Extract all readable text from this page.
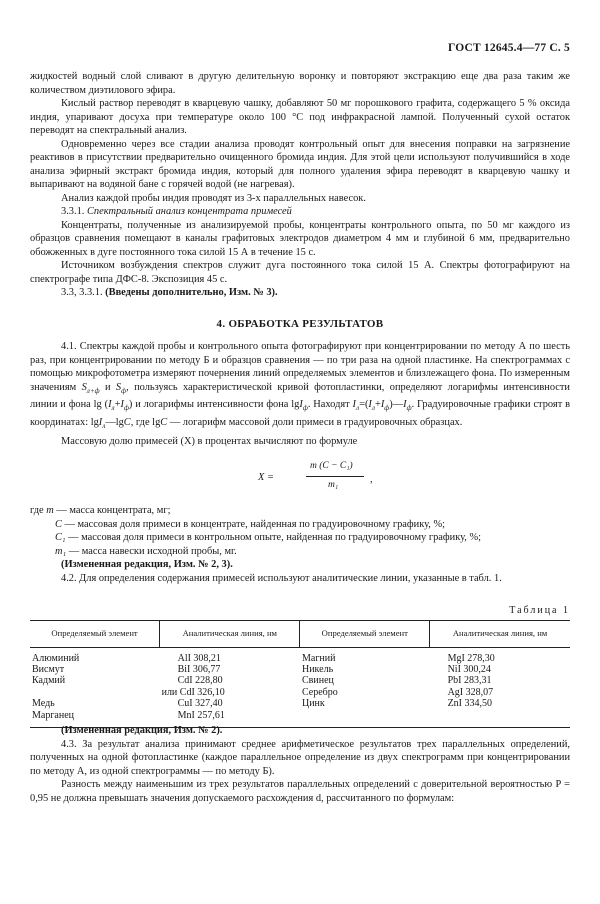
ГОСТ 12645.4—77 С. 5

жидкостей водный слой сливают в другую делительную воронку и повторяют экстракцию еще два раза таким же количеством диэтилового эфира.

Кислый раствор переводят в кварцевую чашку, добавляют 50 мг порошкового графита, содержащего 5 % оксида индия, упаривают досуха при температуре около 100 °С под инфракрасной лампой. Полученный сухой остаток переводят на спектральный анализ.

Одновременно через все стадии анализа проводят контрольный опыт для внесения поправки на загрязнение реактивов в присутствии предварительно очищенного бромида индия. Для этой цели используют получившийся в ходе анализа эфирный экстракт бромида индия, который для полного удаления эфира переводят в кварцевую чашку и выпаривают на водяной бане с горячей водой (не нагревая).

Анализ каждой пробы индия проводят из 3-х параллельных навесок.

3.3.1. Спектральный анализ концентрата примесей

Концентраты, полученные из анализируемой пробы, концентраты контрольного опыта, по 50 мг каждого из образцов сравнения помещают в каналы графитовых электродов диаметром 4 мм и глубиной 6 мм, предварительно обожженных в дуге постоянного тока силой 15 А в течение 15 с.

Источником возбуждения спектров служит дуга постоянного тока силой 15 А. Спектры фотографируют на спектрографе типа ДФС-8. Экспозиция 45 с.

3.3, 3.3.1. (Введены дополнительно, Изм. № 3).

4. ОБРАБОТКА РЕЗУЛЬТАТОВ

4.1. Спектры каждой пробы и контрольного опыта фотографируют при концентрировании по методу А по шесть раз, при концентрировании по методу Б и образцов сравнения — по три раза на одной пластинке. На спектрограммах с помощью микрофотометра измеряют почернения линий определяемых элементов и близлежащего фона. По измеренным значениям $S_{л+ф}$ и $S_ф$, пользуясь характеристической кривой фотопластинки, определяют логарифмы интенсивности линии и фона $\lg (I_л+I_ф)$ и логарифмы интенсивности фона lgI$_ф$. Находят $I_л=(I_л+I_ф)—I_ф$. Градуировочные графики строят в координатах: lgI$_л$—lgC, где lgC — логарифм массовой доли примеси в градуировочных образцах.

Массовую долю примесей (X) в процентах вычисляют по формуле

X =
m (C − C₁)
m₁	,
где m — масса концентрата, мг;
C — массовая доля примеси в концентрате, найденная по градуировочному графику, %;
C₁ — массовая доля примеси в контрольном опыте, найденная по градуировочному графику, %;
m₁ — масса навески исходной пробы, мг.

(Измененная редакция, Изм. № 2, 3).

4.2. Для определения содержания примесей используют аналитические линии, указанные в табл. 1.

Таблица 1
Определяемый элемент	Аналитическая линия, нм	Определяемый элемент	Аналитическая линия, нм

Алюминий	AlI 308,21	Магний	MgI 278,30
Висмут	BiI 306,77	Никель	NiI 300,24
Кадмий	CdI 228,80	Свинец	PbI 283,31
	или CdI 326,10	Серебро	AgI 328,07
Медь	CuI 327,40	Цинк	ZnI 334,50
Марганец	MnI 257,61		

(Измененная редакция, Изм. № 2).

4.3. За результат анализа принимают среднее арифметическое результатов трех параллельных определений, полученных на одной фотопластинке (каждое параллельное определение из двух спектрограмм при концентрировании по методу А, из одной спектрограммы — по методу Б).

Разность между наименьшим из трех результатов параллельных определений с доверительной вероятностью P = 0,95 не должна превышать значения допускаемого расхождения d, рассчитанного по формулам:
